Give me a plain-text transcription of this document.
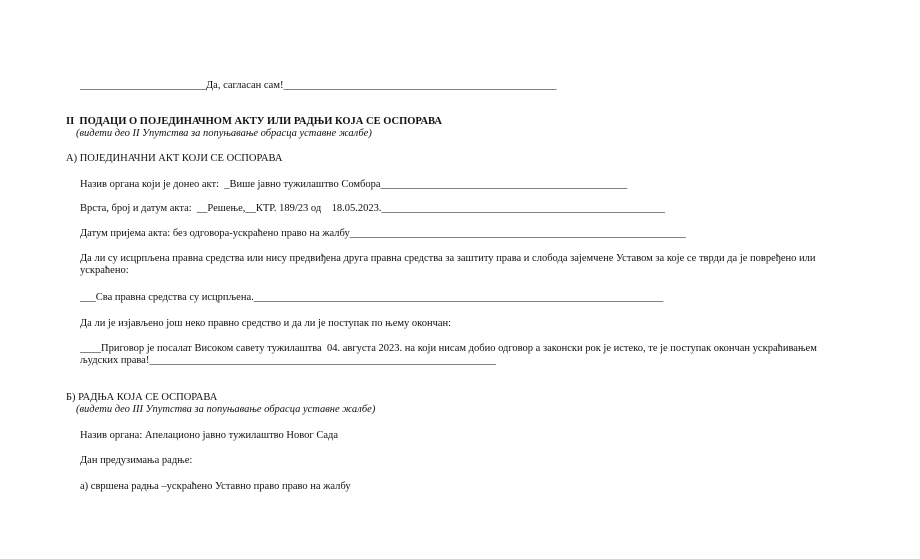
________________________Да, сагласан сам!____________________________________________________
II  ПОДАЦИ О ПОЈЕДИНАЧНОМ АКТУ ИЛИ РАДЊИ КОЈА СЕ ОСПОРАВА
(видети део II Упутства за попуњавање обрасца уставне жалбе)
А) ПОЈЕДИНАЧНИ АКТ КОЈИ СЕ ОСПОРАВА
Назив органа који је донео акт:  _Више јавно тужилаштво Сомбора_______________________________________________
Врста, број и датум акта:  __Решење,__КТР. 189/23 од    18.05.2023.______________________________________________________
Датум пријема акта: без одговора-ускраћено право на жалбу________________________________________________________________
Да ли су исцрпљена правна средства или нису предвиђена друга правна средства за заштиту права и слобода зајемчене Уставом за које се тврди да је повређено или
ускраћено:
___Сва правна средства су исцрпљена.______________________________________________________________________________
Да ли је изјављено још неко правно средство и да ли је поступак по њему окончан:
____Приговор је посалат Високом савету тужилаштва  04. августа 2023. на који нисам добио одговор а законски рок је истеко, те је поступак окончан ускраћивањем
људских права!__________________________________________________________________
Б) РАДЊА КОЈА СЕ ОСПОРАВА
(видети део III Упутства за попуњавање обрасца уставне жалбе)
Назив органа: Апелационо јавно тужилаштво Новог Сада
Дан предузимања радње:
а) свршена радња –ускраћено Уставно право право на жалбу
